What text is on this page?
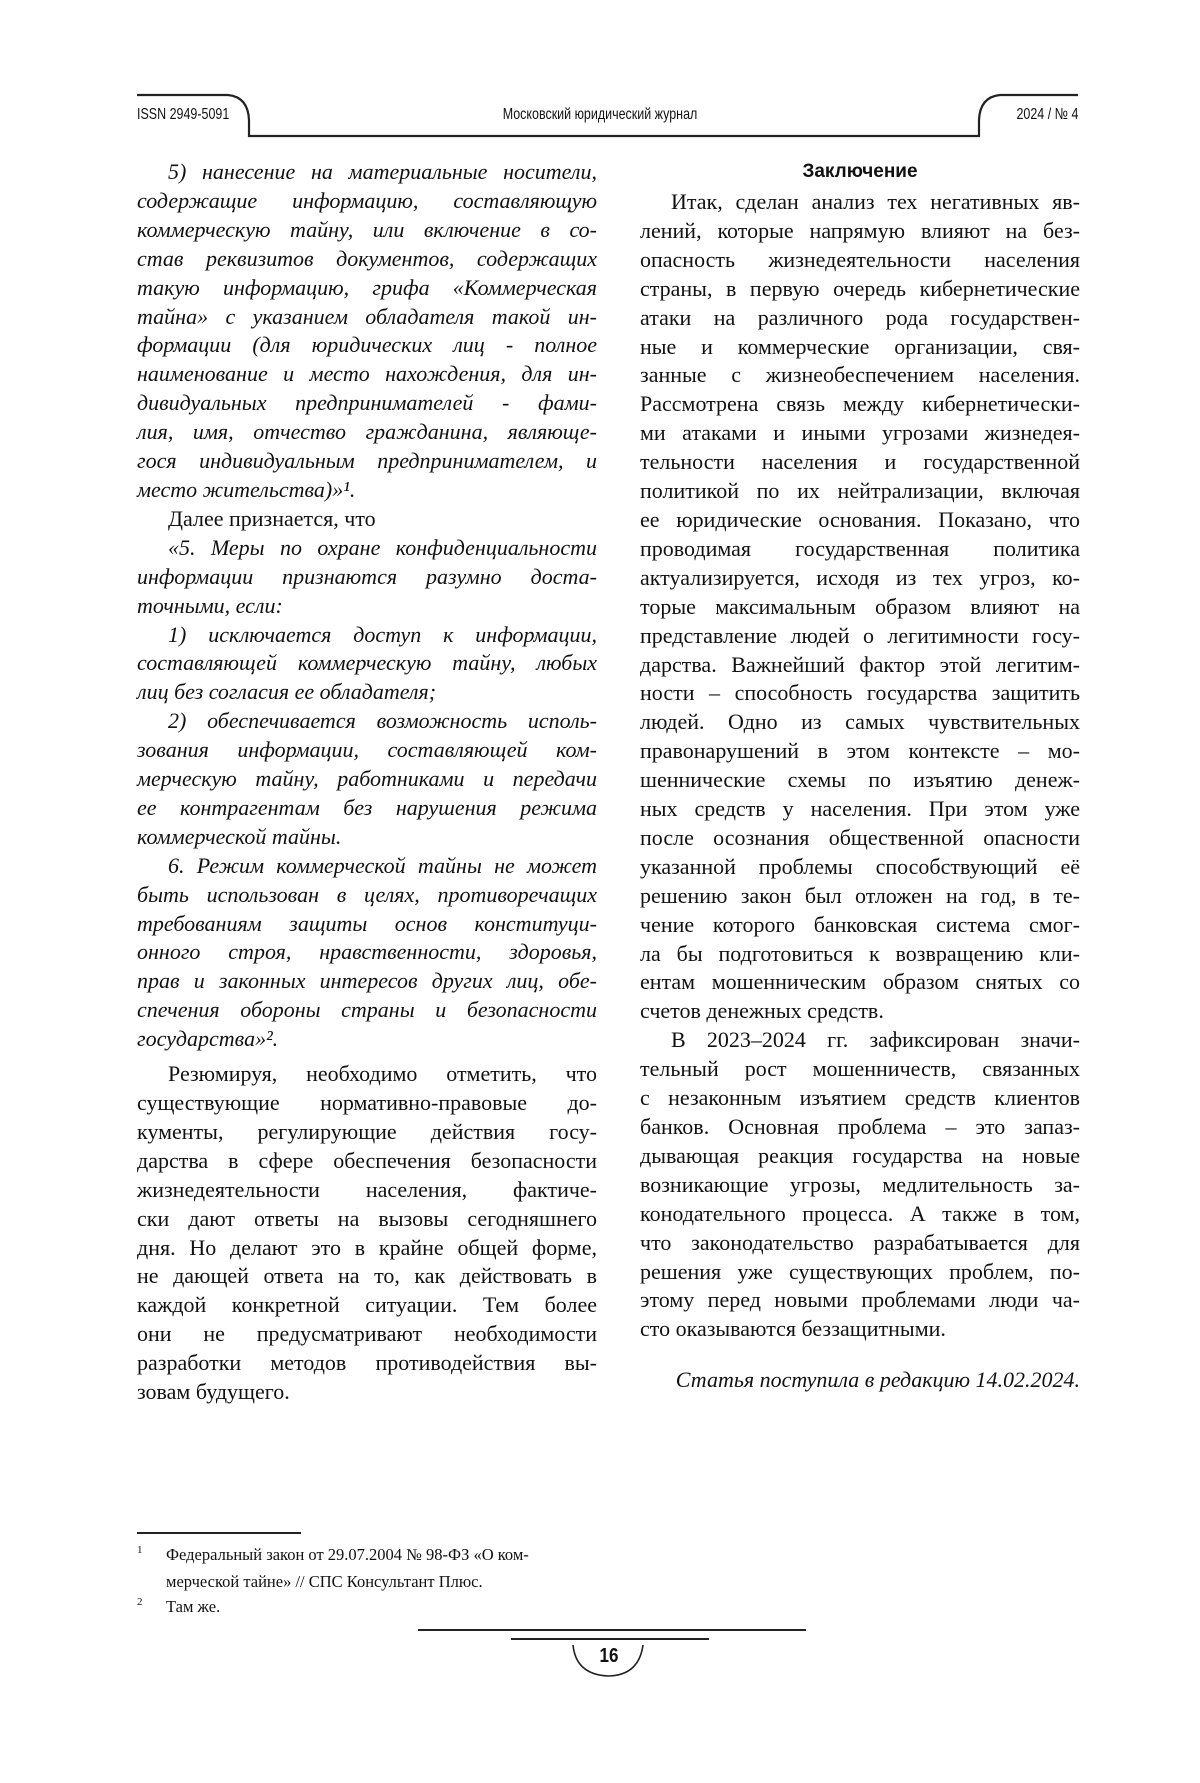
ISSN 2949-5091	Московский юридический журнал	2024 / № 4
5) нанесение на материальные носители,
содержащие информацию, составляющую
коммерческую тайну, или включение в со-
став реквизитов документов, содержащих
такую информацию, грифа «Коммерческая
тайна» с указанием обладателя такой ин-
формации (для юридических лиц - полное
наименование и место нахождения, для ин-
дивидуальных предпринимателей - фами-
лия, имя, отчество гражданина, являюще-
гося индивидуальным предпринимателем, и
место жительства)»¹.
Далее признается, что
«5. Меры по охране конфиденциальности
информации признаются разумно доста-
точными, если:
1) исключается доступ к информации,
составляющей коммерческую тайну, любых
лиц без согласия ее обладателя;
2) обеспечивается возможность исполь-
зования информации, составляющей ком-
мерческую тайну, работниками и передачи
ее контрагентам без нарушения режима
коммерческой тайны.
6. Режим коммерческой тайны не может
быть использован в целях, противоречащих
требованиям защиты основ конституци-
онного строя, нравственности, здоровья,
прав и законных интересов других лиц, обе-
спечения обороны страны и безопасности
государства»².
Резюмируя, необходимо отметить, что
существующие нормативно-правовые до-
кументы, регулирующие действия госу-
дарства в сфере обеспечения безопасности
жизнедеятельности населения, фактиче-
ски дают ответы на вызовы сегодняшнего
дня. Но делают это в крайне общей форме,
не дающей ответа на то, как действовать в
каждой конкретной ситуации. Тем более
они не предусматривают необходимости
разработки методов противодействия вы-
зовам будущего.
Заключение
Итак, сделан анализ тех негативных яв-
лений, которые напрямую влияют на без-
опасность жизнедеятельности населения
страны, в первую очередь кибернетические
атаки на различного рода государствен-
ные и коммерческие организации, свя-
занные с жизнеобеспечением населения.
Рассмотрена связь между кибернетически-
ми атаками и иными угрозами жизнедея-
тельности населения и государственной
политикой по их нейтрализации, включая
ее юридические основания. Показано, что
проводимая государственная политика
актуализируется, исходя из тех угроз, ко-
торые максимальным образом влияют на
представление людей о легитимности госу-
дарства. Важнейший фактор этой легитим-
ности – способность государства защитить
людей. Одно из самых чувствительных
правонарушений в этом контексте – мо-
шеннические схемы по изъятию денеж-
ных средств у населения. При этом уже
после осознания общественной опасности
указанной проблемы способствующий её
решению закон был отложен на год, в те-
чение которого банковская система смог-
ла бы подготовиться к возвращению кли-
ентам мошенническим образом снятых со
счетов денежных средств.
В 2023–2024 гг. зафиксирован значи-
тельный рост мошенничеств, связанных
с незаконным изъятием средств клиентов
банков. Основная проблема – это запаз-
дывающая реакция государства на новые
возникающие угрозы, медлительность за-
конодательного процесса. А также в том,
что законодательство разрабатывается для
решения уже существующих проблем, по-
этому перед новыми проблемами люди ча-
сто оказываются беззащитными.
Статья поступила в редакцию 14.02.2024.
1 Федеральный закон от 29.07.2004 № 98-ФЗ «О ком-
мерческой тайне» // СПС Консультант Плюс.
2 Там же.
16
